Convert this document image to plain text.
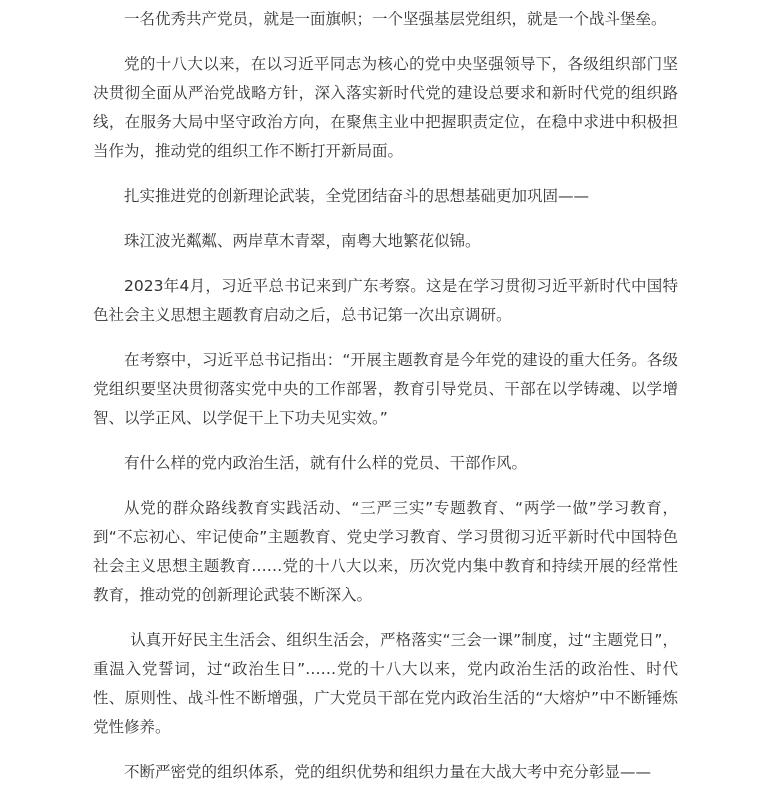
一名优秀共产党员，就是一面旗帜；一个坚强基层党组织，就是一个战斗堡垒。

党的十八大以来，在以习近平同志为核心的党中央坚强领导下，各级组织部门坚决贯彻全面从严治党战略方针，深入落实新时代党的建设总要求和新时代党的组织路线，在服务大局中坚守政治方向，在聚焦主业中把握职责定位，在稳中求进中积极担当作为，推动党的组织工作不断打开新局面。

扎实推进党的创新理论武装，全党团结奋斗的思想基础更加巩固——

珠江波光粼粼、两岸草木青翠，南粤大地繁花似锦。

2023年4月，习近平总书记来到广东考察。这是在学习贯彻习近平新时代中国特色社会主义思想主题教育启动之后，总书记第一次出京调研。

在考察中，习近平总书记指出：“开展主题教育是今年党的建设的重大任务。各级党组织要坚决贯彻落实党中央的工作部署，教育引导党员、干部在以学铸魂、以学增智、以学正风、以学促干上下功夫见实效。”

有什么样的党内政治生活，就有什么样的党员、干部作风。

从党的群众路线教育实践活动、“三严三实”专题教育、“两学一做”学习教育，到“不忘初心、牢记使命”主题教育、党史学习教育、学习贯彻习近平新时代中国特色社会主义思想主题教育……党的十八大以来，历次党内集中教育和持续开展的经常性教育，推动党的创新理论武装不断深入。

认真开好民主生活会、组织生活会，严格落实“三会一课”制度，过“主题党日”，重温入党誓词，过“政治生日”……党的十八大以来，党内政治生活的政治性、时代性、原则性、战斗性不断增强，广大党员干部在党内政治生活的“大熔炉”中不断锤炼党性修养。

不断严密党的组织体系，党的组织优势和组织力量在大战大考中充分彰显——
